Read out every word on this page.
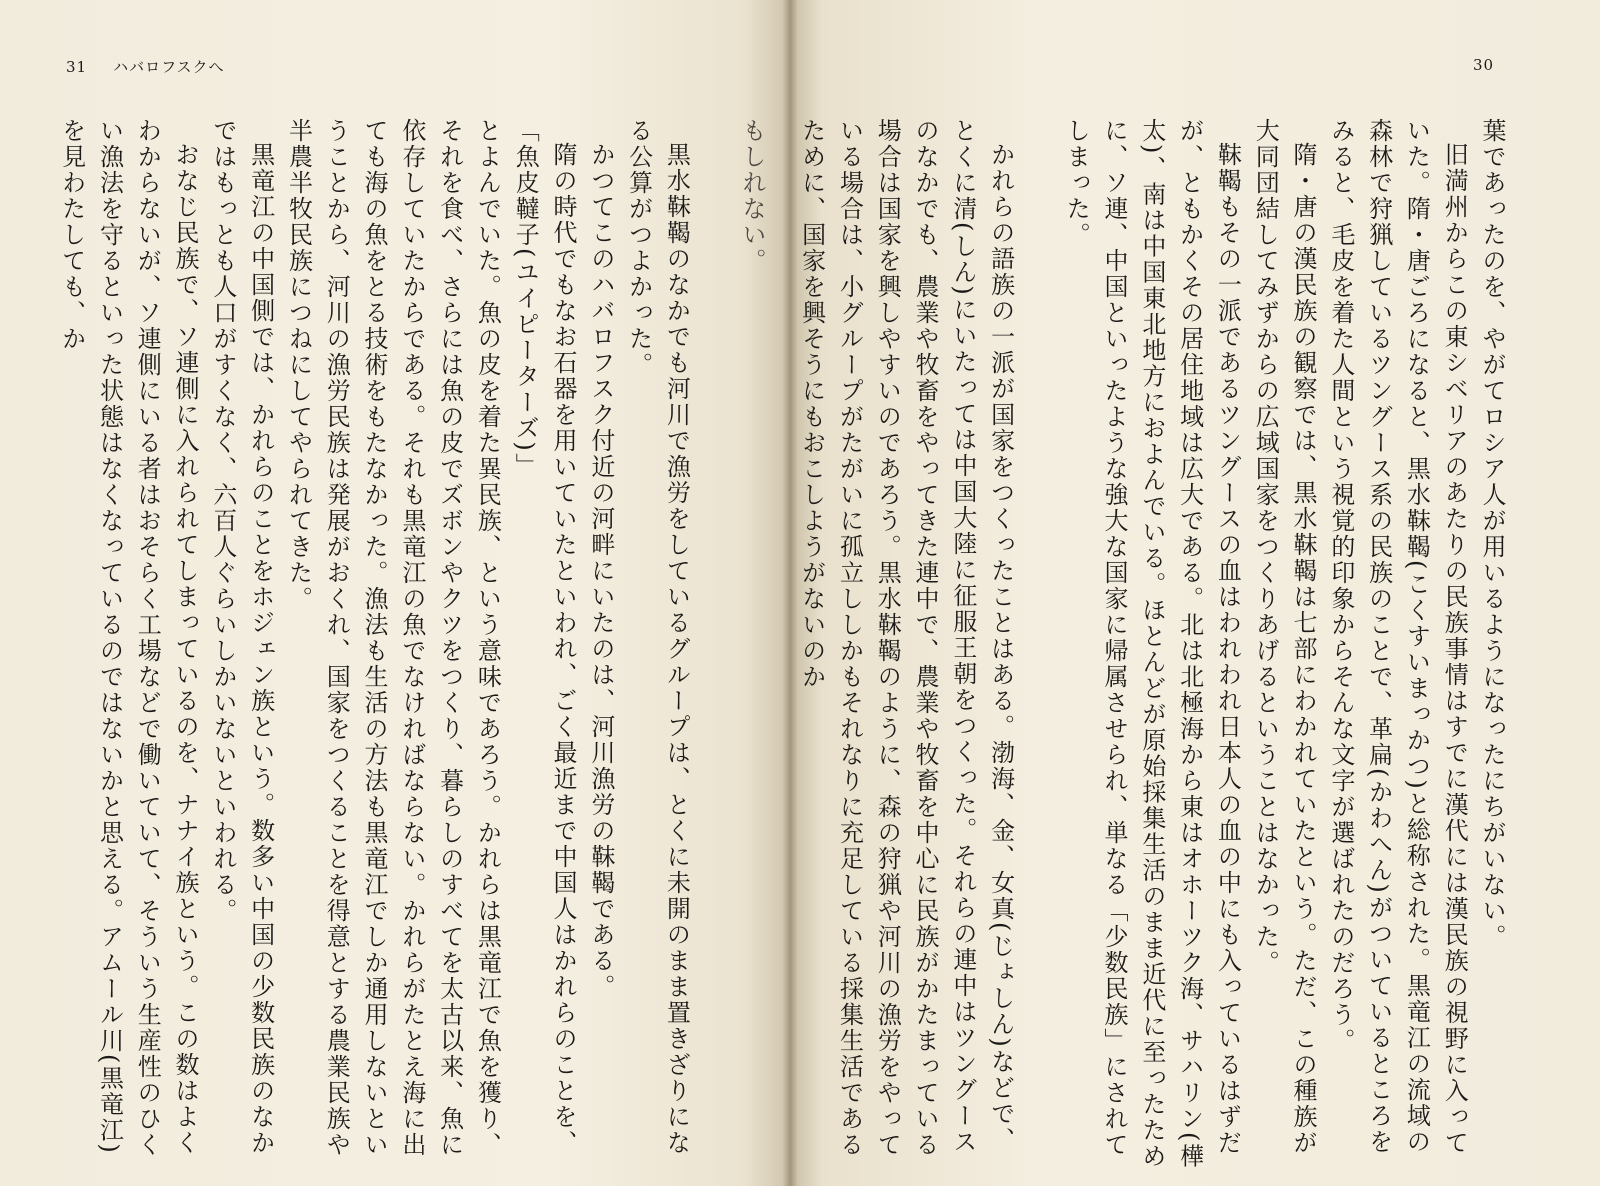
31 ハバロフスクへ

もしれない。

黒水靺鞨のなかでも河川で漁労をしているグループは、とくに未開のまま置きざりになる公算がつよかった。

かつてこのハバロフスク付近の河畔にいたのは、河川漁労の靺鞨である。

隋の時代でもなお石器を用いていたといわれ、ごく最近まで中国人はかれらのことを、

「魚皮韃子(ユイピーターズ)」

とよんでいた。魚の皮を着た異民族、という意味であろう。かれらは黒竜江で魚を獲り、それを食べ、さらには魚の皮でズボンやクツをつくり、暮らしのすべてを太古以来、魚に依存していたからである。それも黒竜江の魚でなければならない。かれらがたとえ海に出ても海の魚をとる技術をもたなかった。漁法も生活の方法も黒竜江でしか通用しないということから、河川の漁労民族は発展がおくれ、国家をつくることを得意とする農業民族や半農半牧民族につねにしてやられてきた。

黒竜江の中国側では、かれらのことをホジェン族という。数多い中国の少数民族のなかではもっとも人口がすくなく、六百人ぐらいしかいないといわれる。

おなじ民族で、ソ連側に入れられてしまっているのを、ナナイ族という。この数はよくわからないが、ソ連側にいる者はおそらく工場などで働いていて、そういう生産性のひくい漁法を守るといった状態はなくなっているのではないかと思える。アムール川(黒竜江)を見わたしても、か

30

葉であったのを、やがてロシア人が用いるようになったにちがいない。

旧満州からこの東シベリアのあたりの民族事情はすでに漢代には漢民族の視野に入っていた。隋・唐ごろになると、黒水靺鞨(こくすいまっかつ)と総称された。黒竜江の流域の森林で狩猟しているツングース系の民族のことで、革扁(かわへん)がついているところをみると、毛皮を着た人間という視覚的印象からそんな文字が選ばれたのだろう。

隋・唐の漢民族の観察では、黒水靺鞨は七部にわかれていたという。ただ、この種族が大同団結してみずからの広域国家をつくりあげるということはなかった。

靺鞨もその一派であるツングースの血はわれわれ日本人の血の中にも入っているはずだが、ともかくその居住地域は広大である。北は北極海から東はオホーツク海、サハリン(樺太)、南は中国東北地方におよんでいる。ほとんどが原始採集生活のまま近代に至ったために、ソ連、中国といったような強大な国家に帰属させられ、単なる「少数民族」にされてしまった。

かれらの語族の一派が国家をつくったことはある。渤海、金、女真(じょしん)などで、とくに清(しん)にいたっては中国大陸に征服王朝をつくった。それらの連中はツングースのなかでも、農業や牧畜をやってきた連中で、農業や牧畜を中心に民族がかたまっている場合は国家を興しやすいのであろう。黒水靺鞨のように、森の狩猟や河川の漁労をやっている場合は、小グループがたがいに孤立ししかもそれなりに充足している採集生活であるために、国家を興そうにもおこしようがないのか
